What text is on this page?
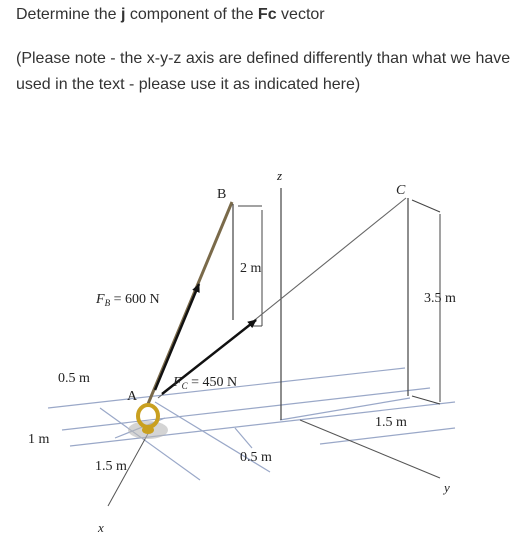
Determine the j component of the Fc vector

(Please note - the x-y-z axis are defined differently than what we have used in the text - please use it as indicated here)

B	C
A
z
y
x
2 m
3.5 m
0.5 m
1 m
1.5 m
0.5 m
1.5 m
$F_B = 600$ N
$F_C = 450$ N
